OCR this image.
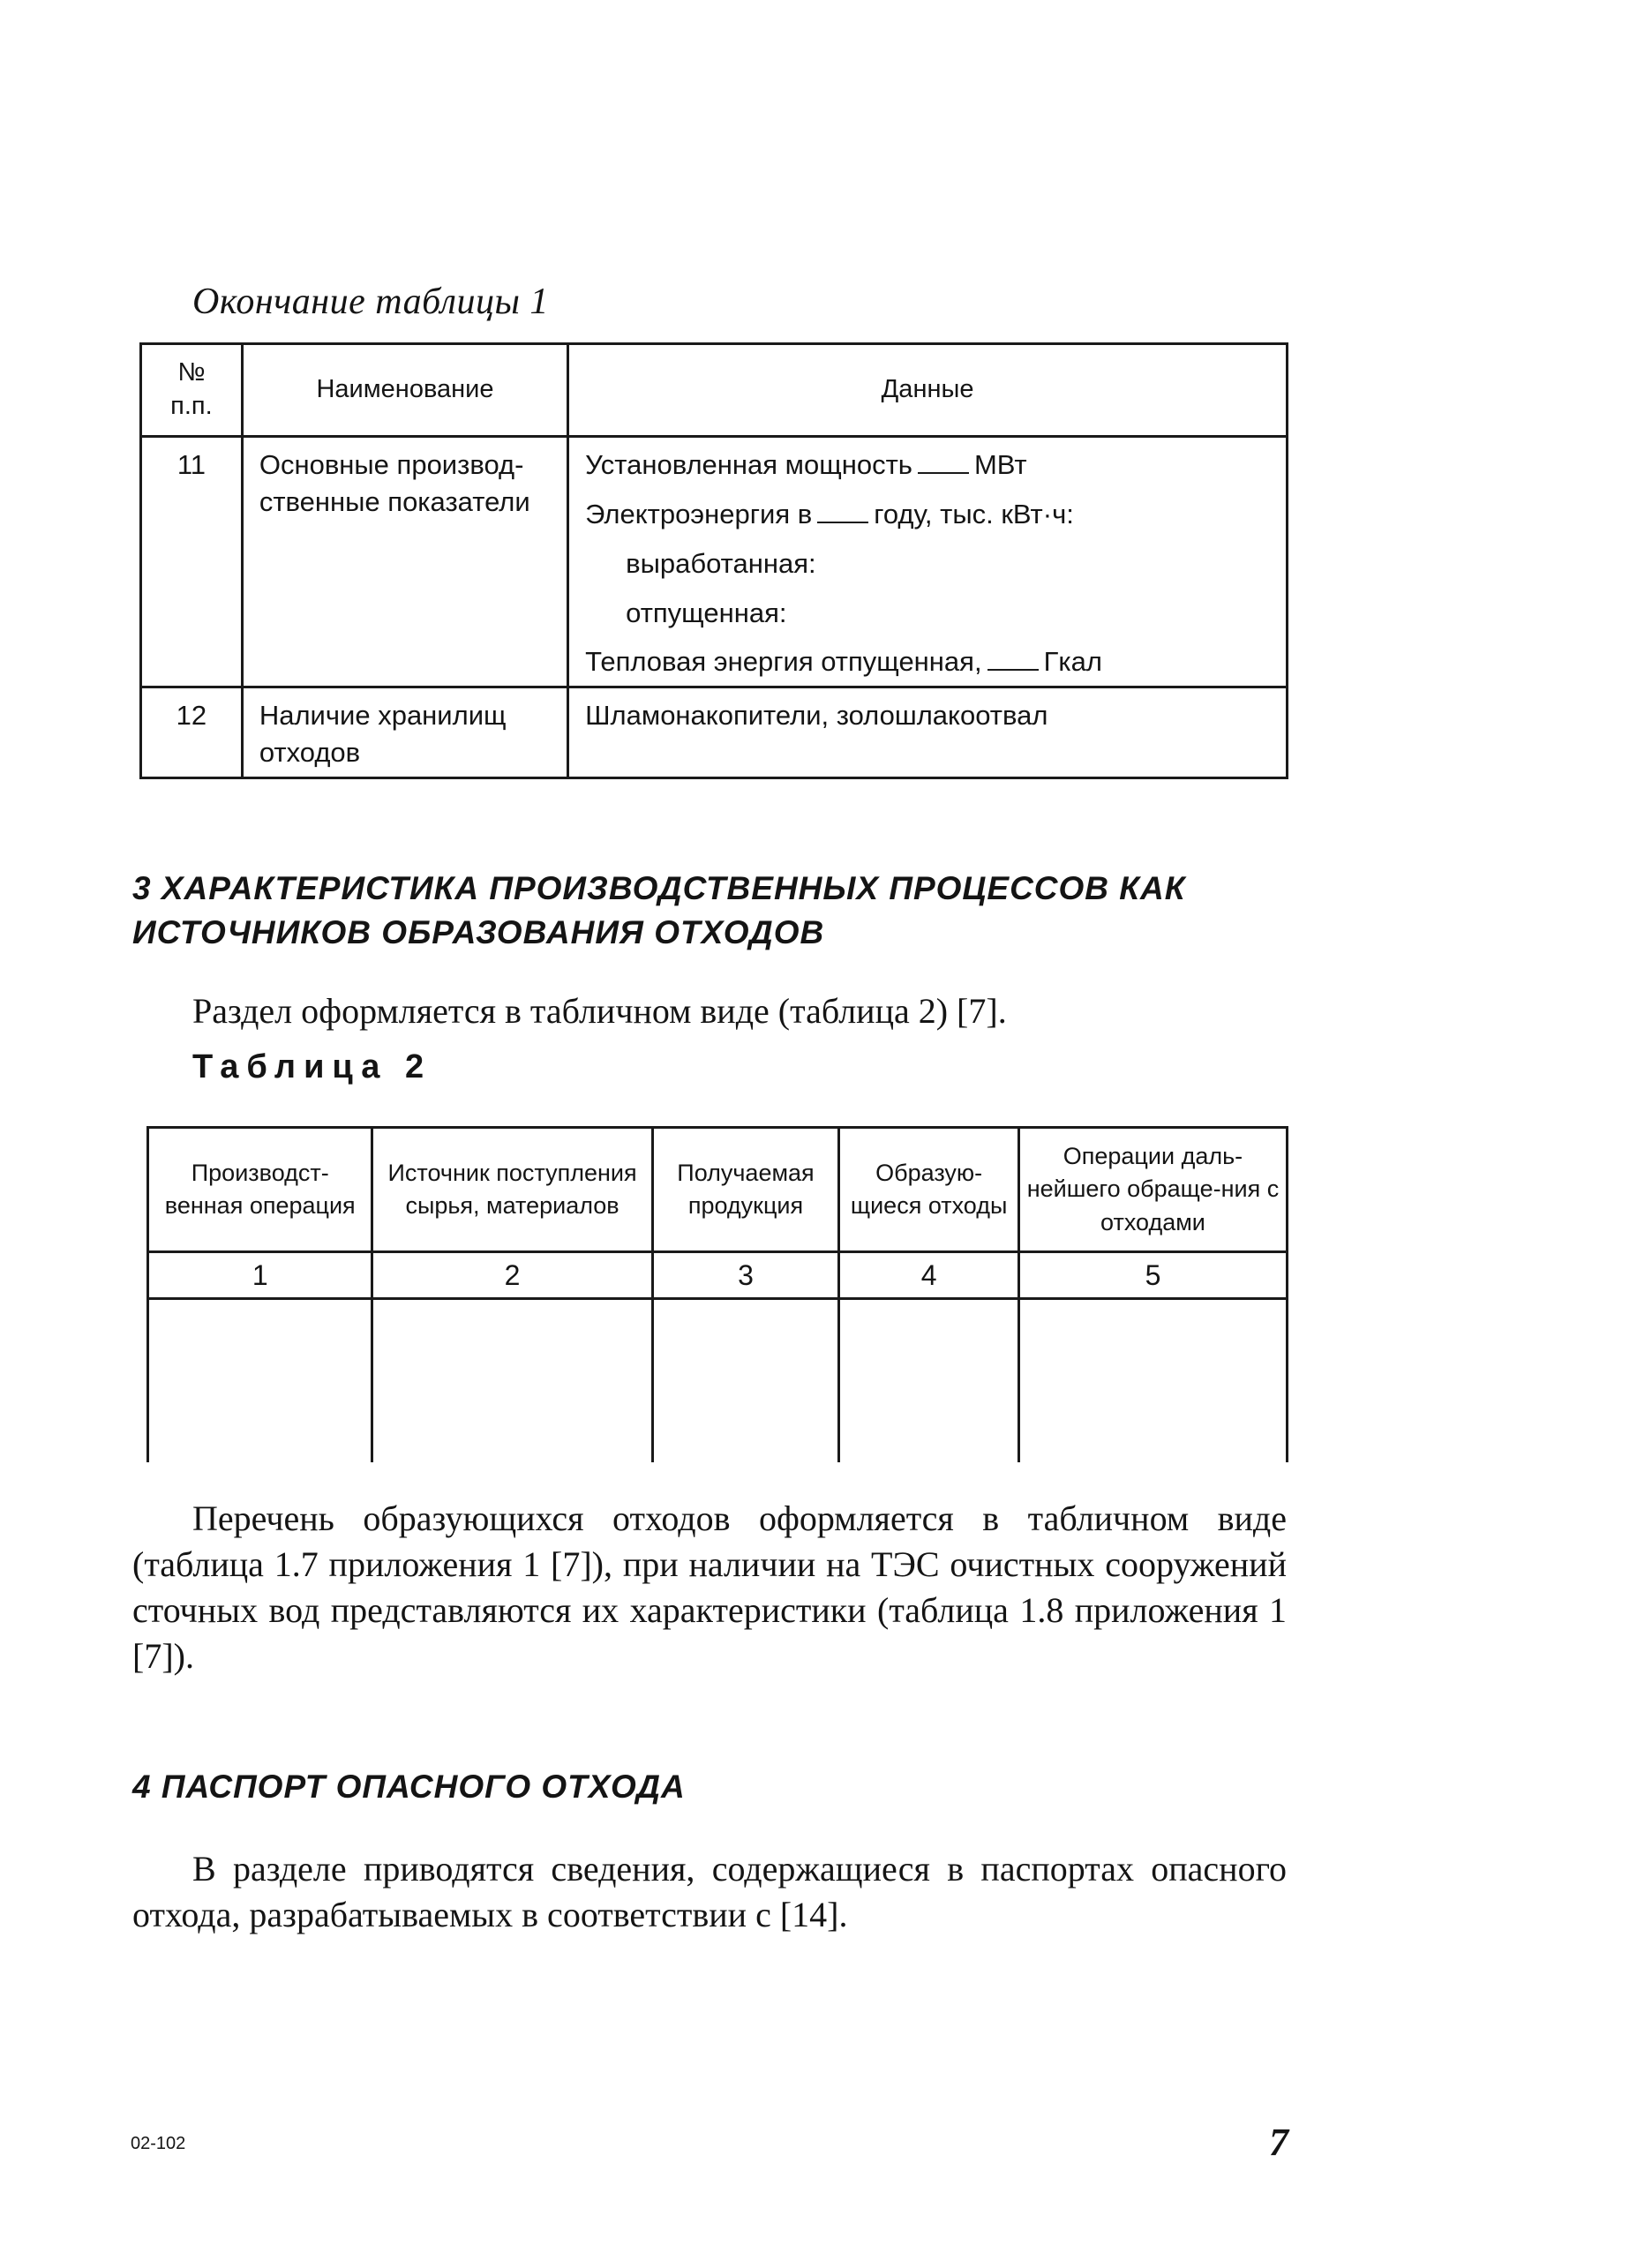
Окончание таблицы 1
№ п.п.	Наименование	Данные
11	Основные производ-ственные показатели	Установленная мощность МВт
Электроэнергия в году, тыс. кВт·ч:
выработанная:
отпущенная:
Тепловая энергия отпущенная, Гкал

12	Наличие хранилищ отходов	Шламонакопители, золошлакоотвал
3 ХАРАКТЕРИСТИКА ПРОИЗВОДСТВЕННЫХ ПРОЦЕССОВ КАК ИСТОЧНИКОВ ОБРАЗОВАНИЯ ОТХОДОВ
Раздел оформляется в табличном виде (таблица 2) [7].
Таблица 2
Производст-венная операция	Источник поступления сырья, материалов	Получаемая продукция	Образую-щиеся отходы	Операции даль-нейшего обраще-ния с отходами
1	2	3	4	5

Перечень образующихся отходов оформляется в табличном виде (таблица 1.7 приложения 1 [7]), при наличии на ТЭС очистных сооружений сточных вод представляются их характеристики (таблица 1.8 приложения 1 [7]).
4 ПАСПОРТ ОПАСНОГО ОТХОДА
В разделе приводятся сведения, содержащиеся в паспортах опасного отхода, разрабатываемых в соответствии с [14].
02-102	7
